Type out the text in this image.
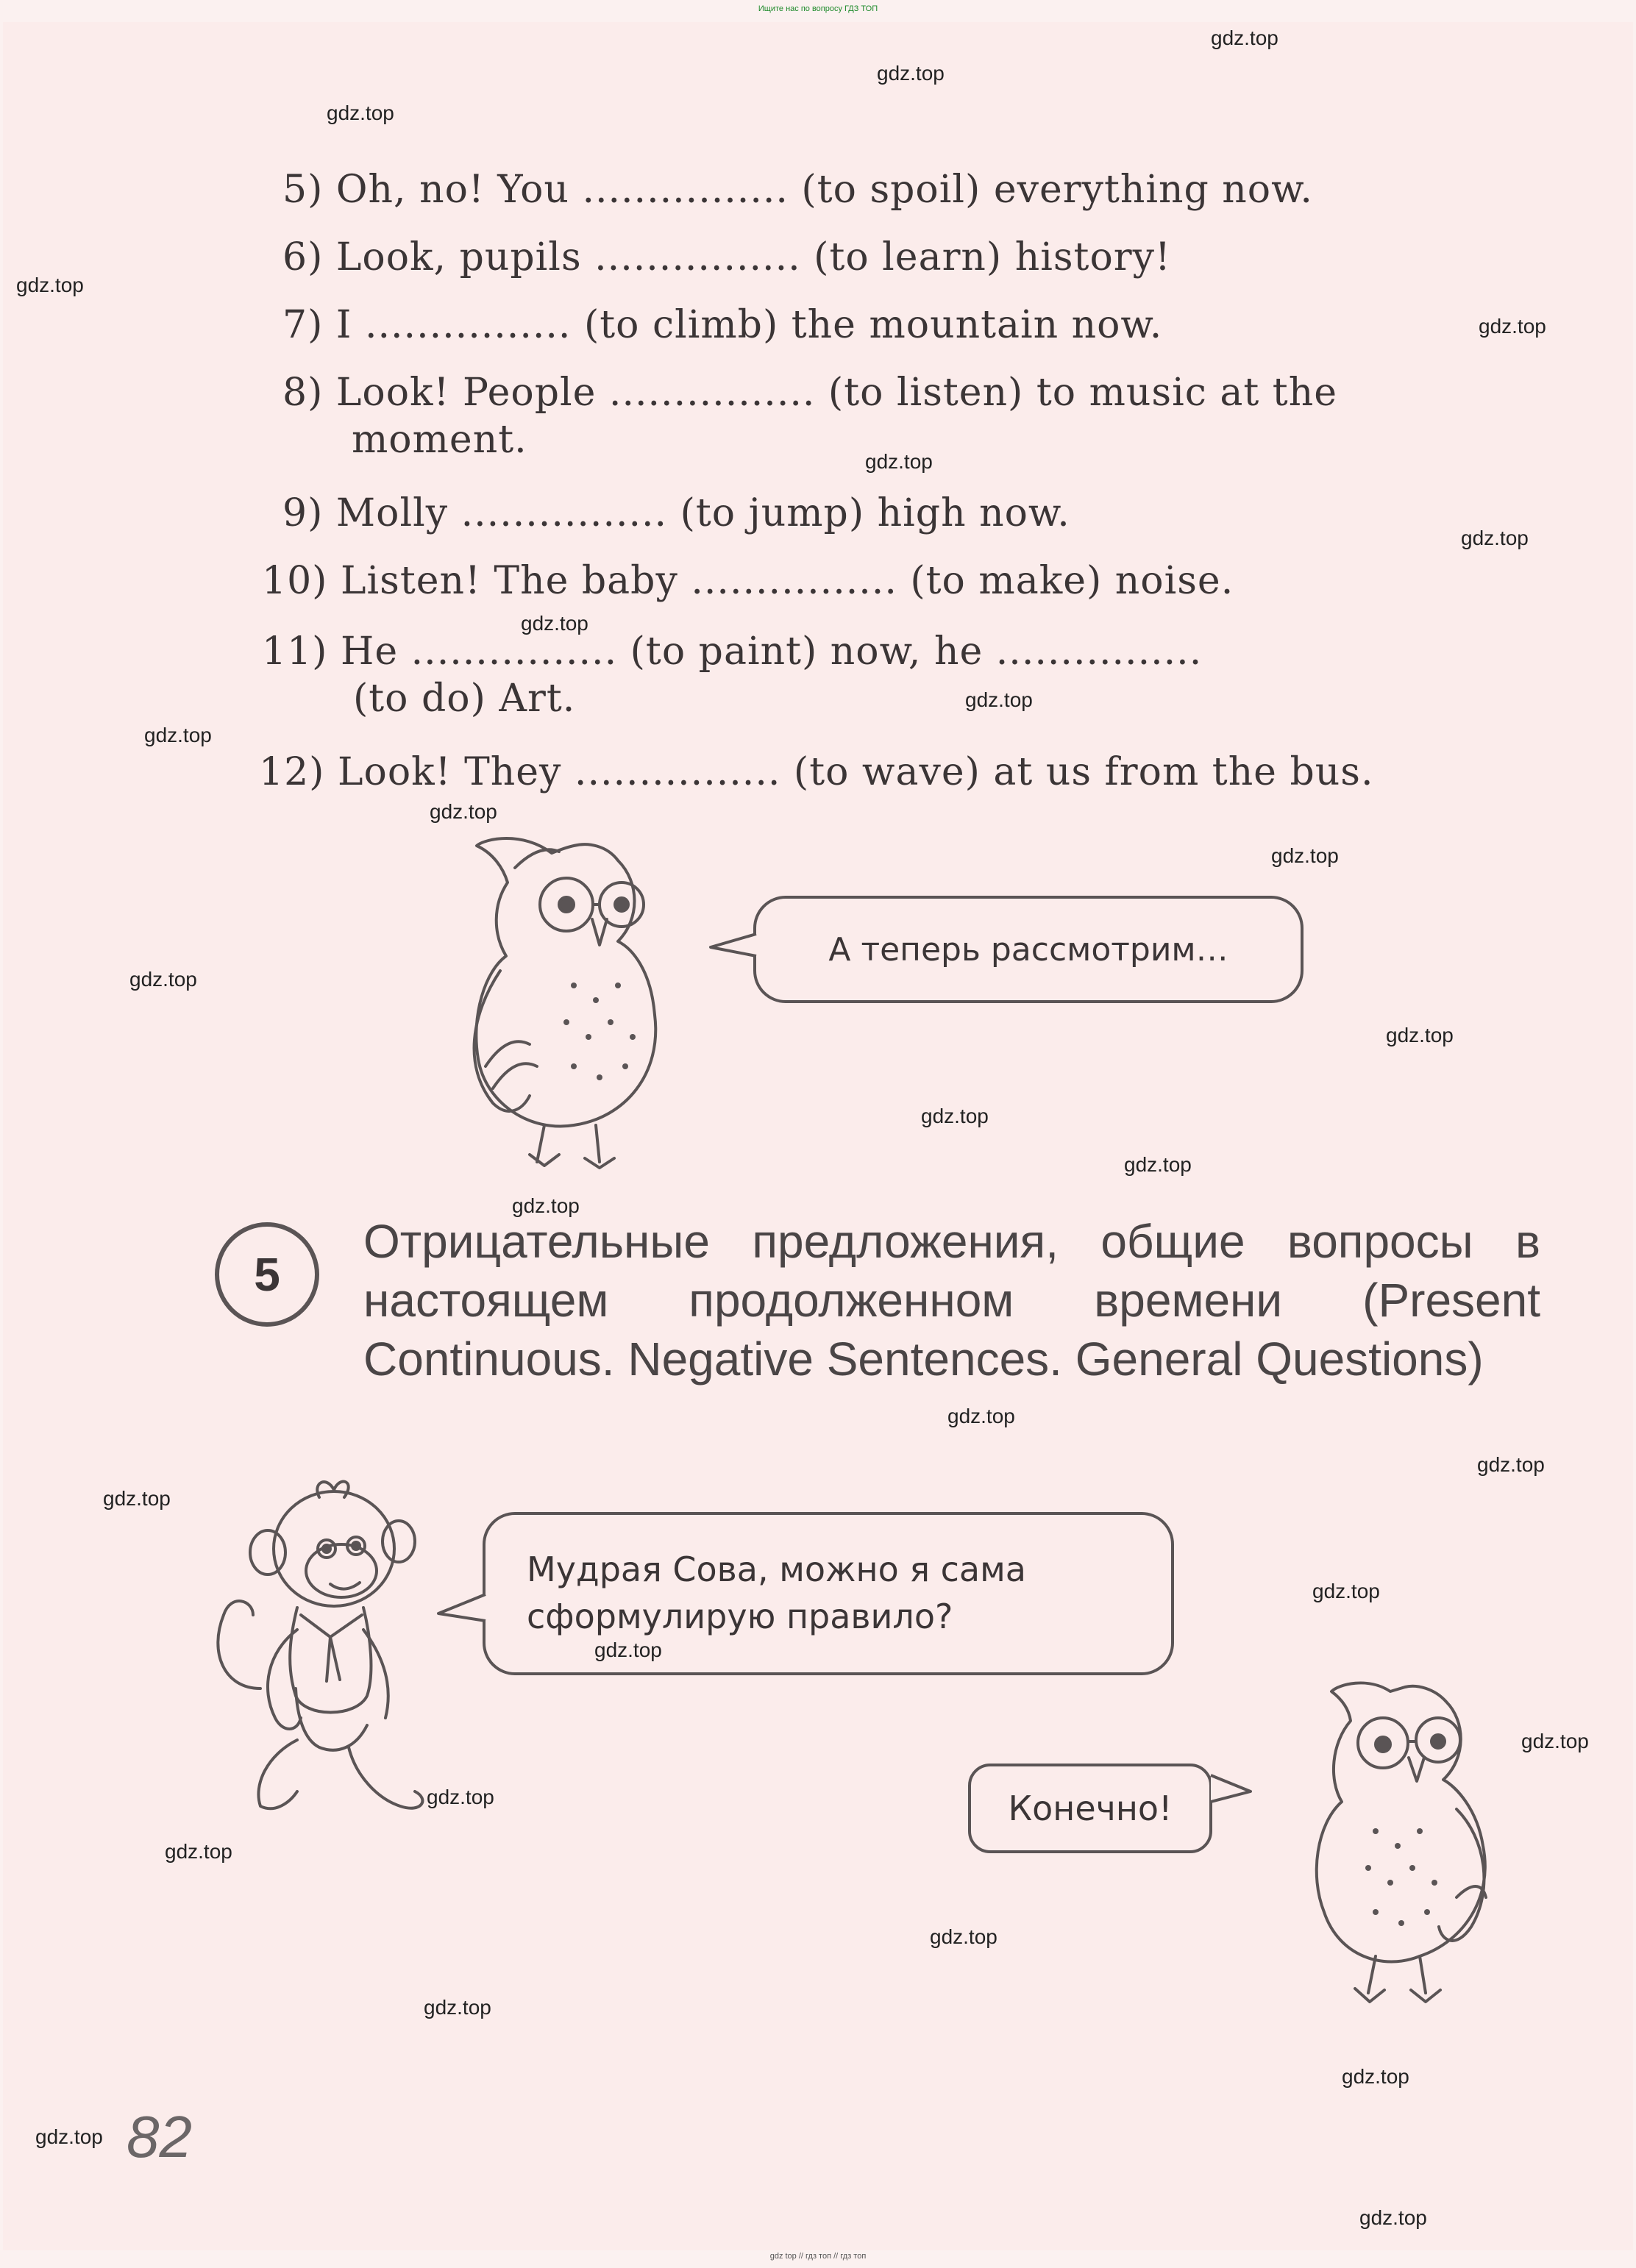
Ищите нас по вопросу ГДЗ ТОП
5) Oh, no! You ................ (to spoil) everything now.
6) Look, pupils ................ (to learn) history!
7) I ................ (to climb) the mountain now.
8) Look! People ................ (to listen) to music at the
moment.
9) Molly ................ (to jump) high now.
10) Listen! The baby ................ (to make) noise.
11) He ................ (to paint) now, he ................
(to do) Art.
12) Look! They ................ (to wave) at us from the bus.
А теперь рассмотрим…
5
Отрицательные предложения, общие вопросы в настоящем продолженном времени (Present Continuous. Negative Sentences. General Questions)
Мудрая Сова, можно я сама
сформулирую правило?
Конечно!
82
gdz.top
gdz.top
gdz.top
gdz.top
gdz.top
gdz.top
gdz.top
gdz.top
gdz.top
gdz.top
gdz.top
gdz.top
gdz.top
gdz.top
gdz.top
gdz.top
gdz.top
gdz.top
gdz.top
gdz.top
gdz.top
gdz.top
gdz.top
gdz.top
gdz.top
gdz.top
gdz.top
gdz.top
gdz.top
gdz.top
gdz top // гдз топ // гдз топ
